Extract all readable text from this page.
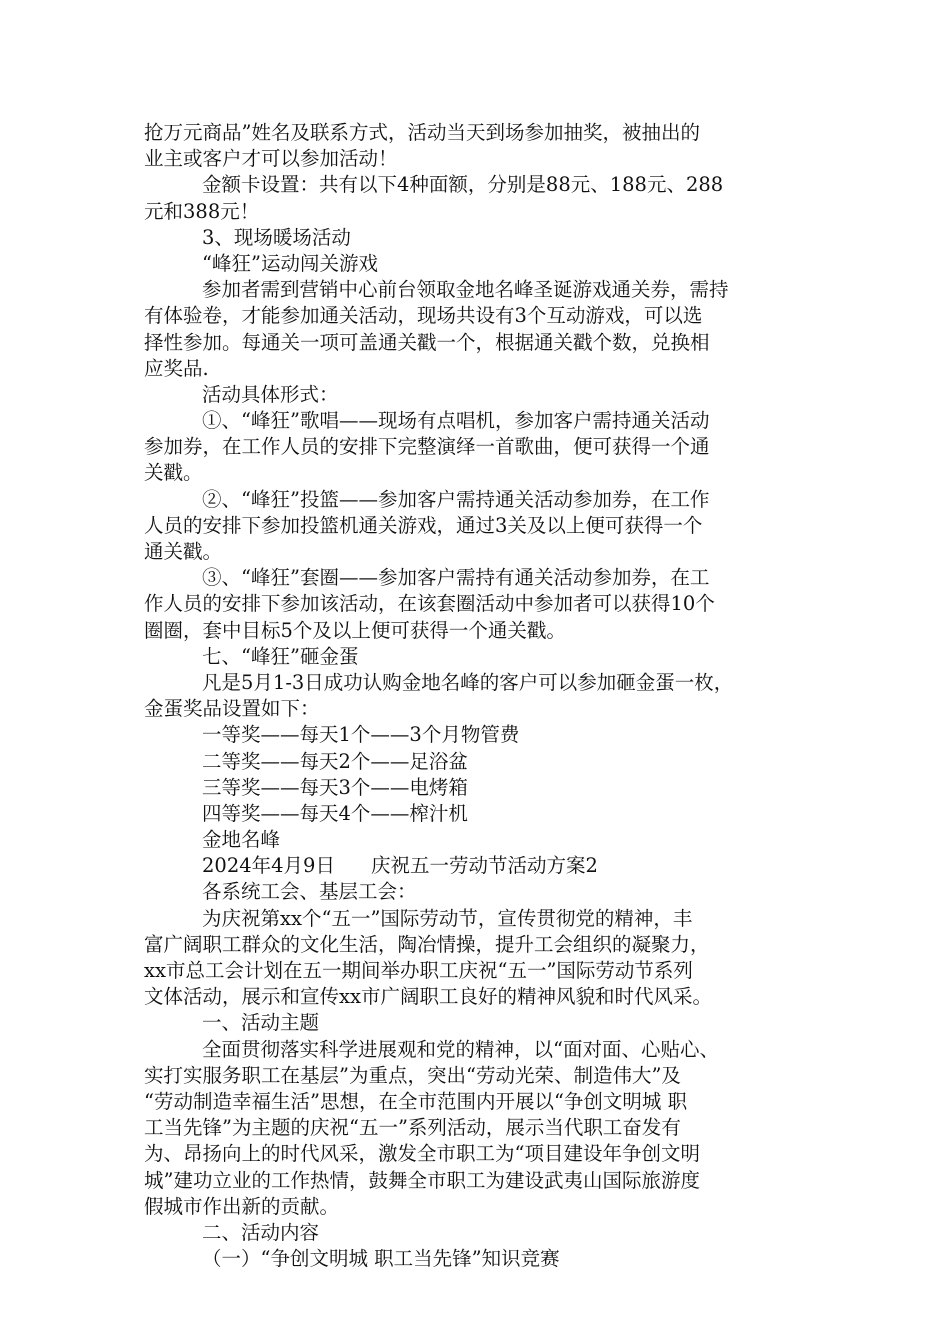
抢万元商品”姓名及联系方式，活动当天到场参加抽奖，被抽出的
业主或客户才可以参加活动！
金额卡设置：共有以下4种面额，分别是88元、188元、288
元和388元！
3、现场暖场活动
“峰狂”运动闯关游戏
参加者需到营销中心前台领取金地名峰圣诞游戏通关券，需持
有体验卷，才能参加通关活动，现场共设有3个互动游戏，可以选
择性参加。每通关一项可盖通关戳一个，根据通关戳个数，兑换相
应奖品.
活动具体形式：
①、“峰狂”歌唱——现场有点唱机，参加客户需持通关活动
参加券，在工作人员的安排下完整演绎一首歌曲，便可获得一个通
关戳。
②、“峰狂”投篮——参加客户需持通关活动参加券，在工作
人员的安排下参加投篮机通关游戏，通过3关及以上便可获得一个
通关戳。
③、“峰狂”套圈——参加客户需持有通关活动参加券，在工
作人员的安排下参加该活动，在该套圈活动中参加者可以获得10个
圈圈，套中目标5个及以上便可获得一个通关戳。
七、“峰狂”砸金蛋
凡是5月1-3日成功认购金地名峰的客户可以参加砸金蛋一枚，
金蛋奖品设置如下：
一等奖——每天1个——3个月物管费
二等奖——每天2个——足浴盆
三等奖——每天3个——电烤箱
四等奖——每天4个——榨汁机
金地名峰
2024年4月9日 庆祝五一劳动节活动方案2
各系统工会、基层工会：
为庆祝第xx个“五一”国际劳动节，宣传贯彻党的精神，丰
富广阔职工群众的文化生活，陶冶情操，提升工会组织的凝聚力，
xx市总工会计划在五一期间举办职工庆祝“五一”国际劳动节系列
文体活动，展示和宣传xx市广阔职工良好的精神风貌和时代风采。
一、活动主题
全面贯彻落实科学进展观和党的精神，以“面对面、心贴心、
实打实服务职工在基层”为重点，突出“劳动光荣、制造伟大”及
“劳动制造幸福生活”思想，在全市范围内开展以“争创文明城 职
工当先锋”为主题的庆祝“五一”系列活动，展示当代职工奋发有
为、昂扬向上的时代风采，激发全市职工为“项目建设年争创文明
城”建功立业的工作热情，鼓舞全市职工为建设武夷山国际旅游度
假城市作出新的贡献。
二、活动内容
（一）“争创文明城 职工当先锋”知识竞赛
